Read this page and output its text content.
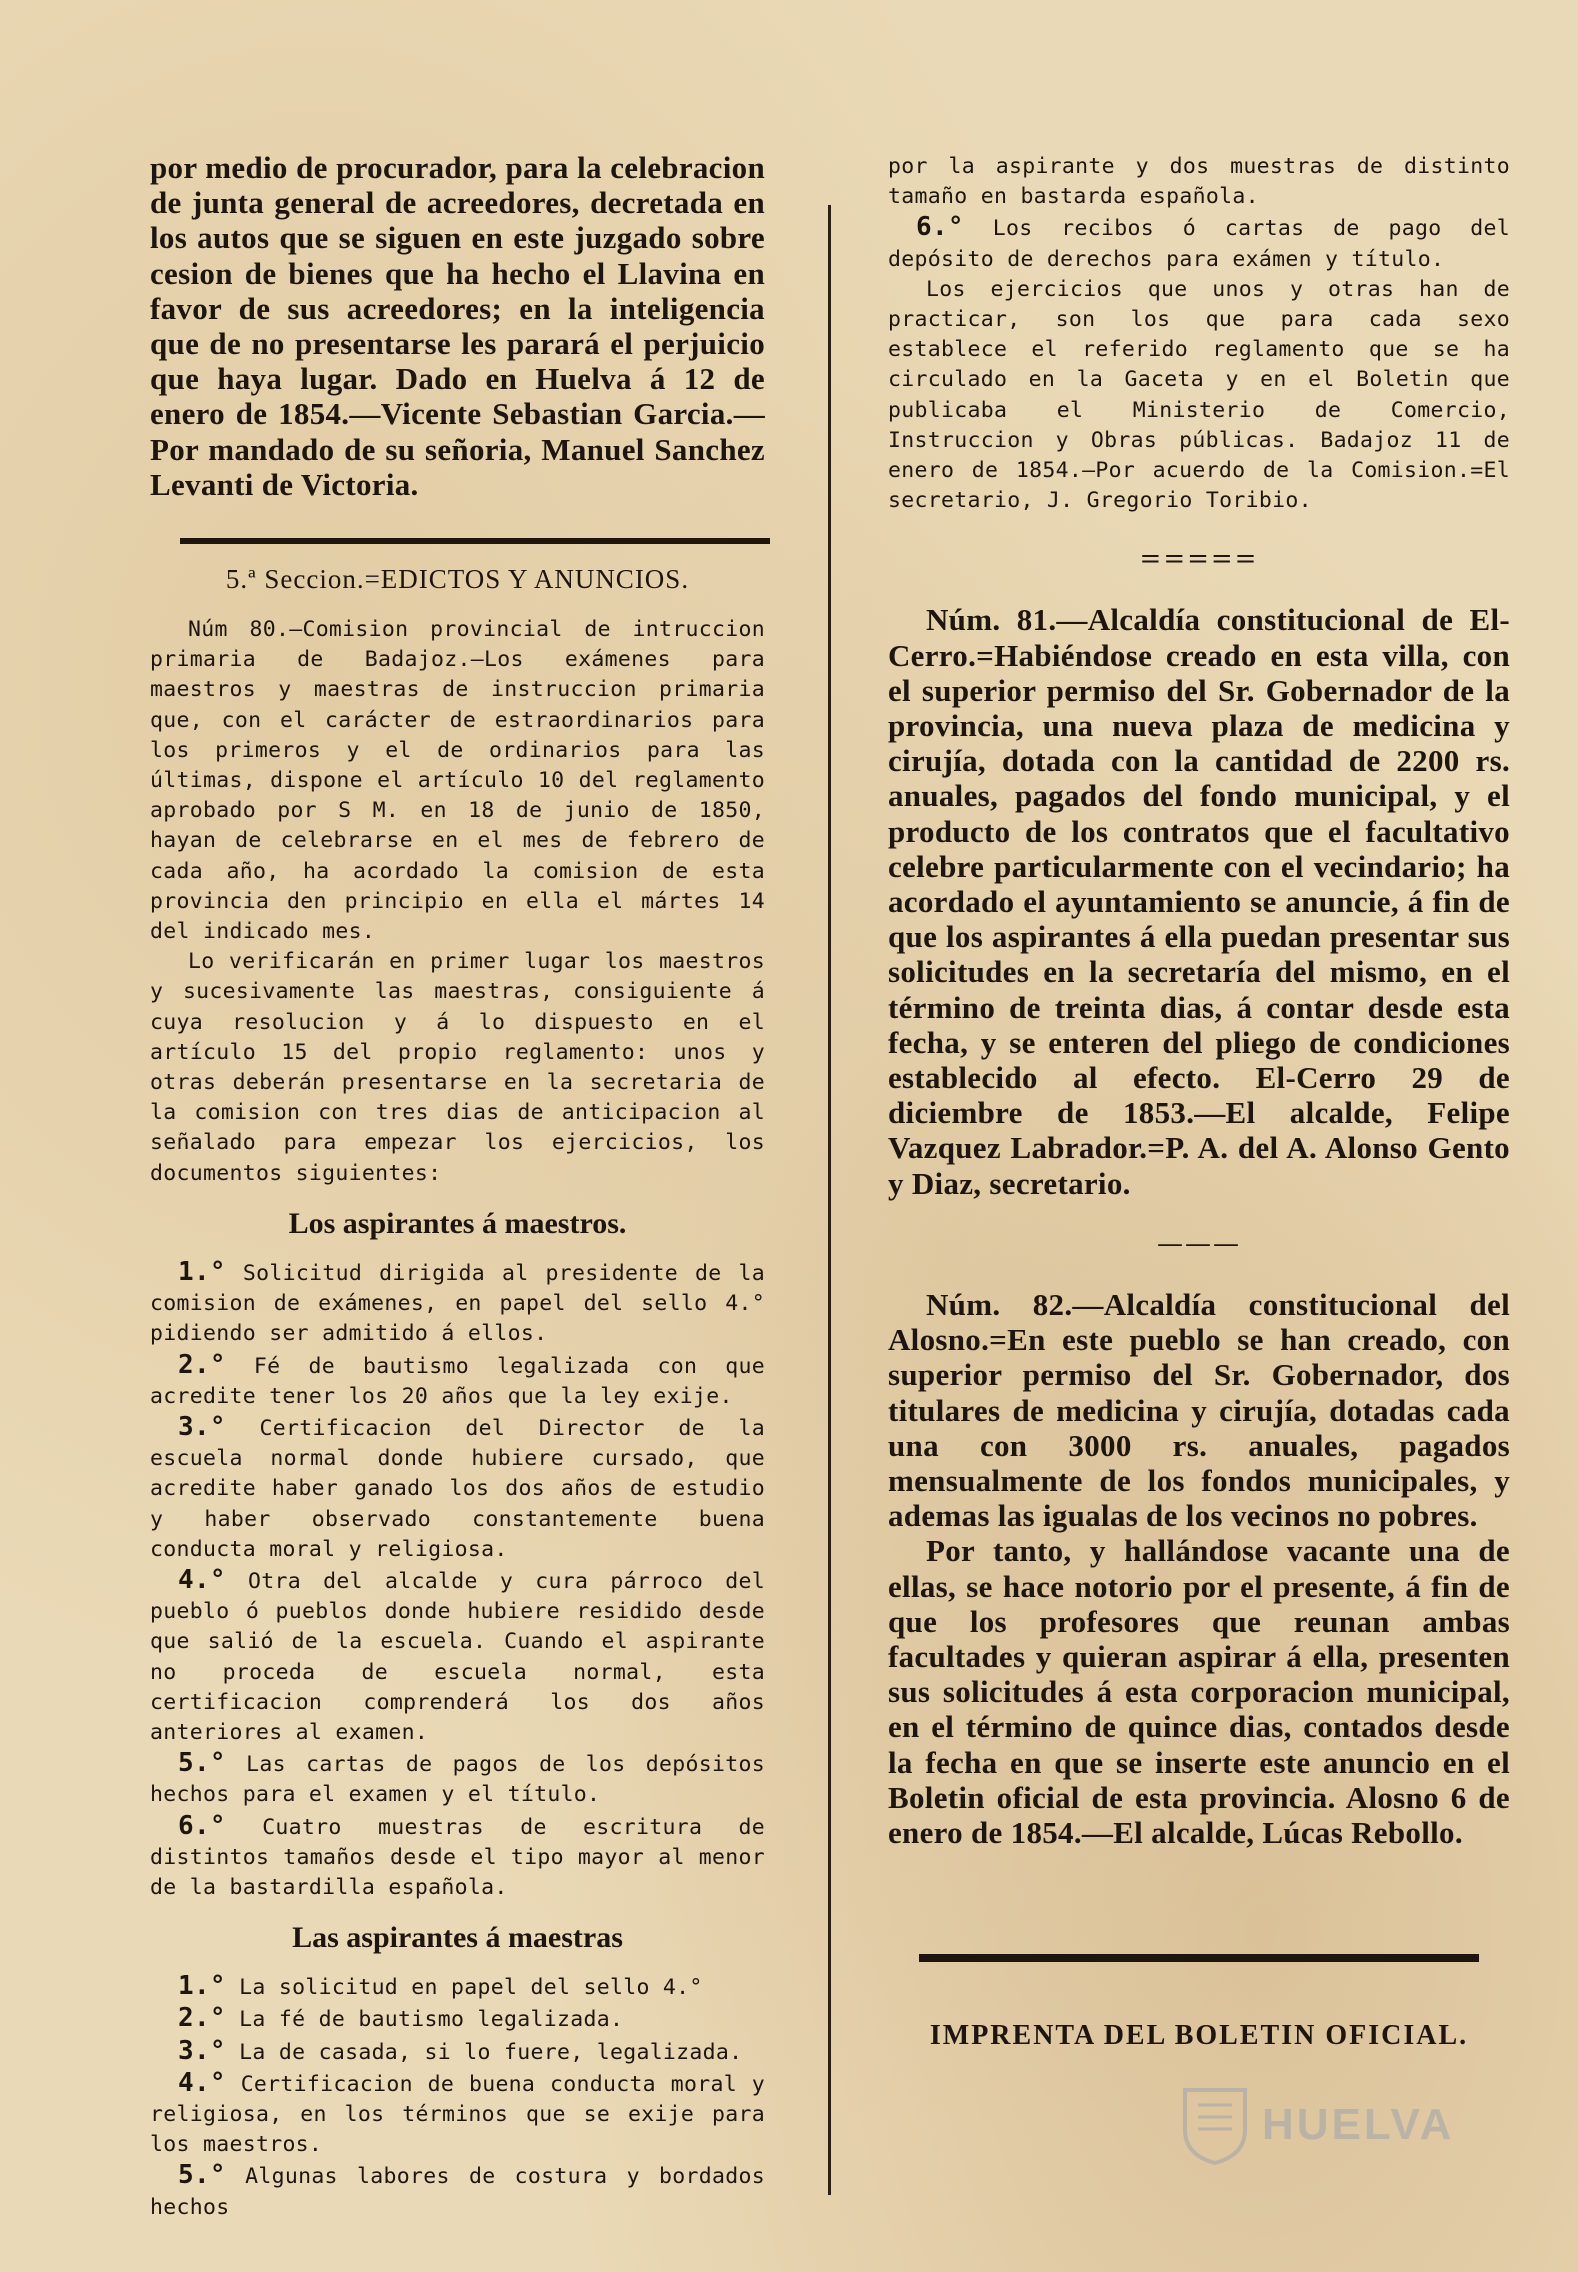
por medio de procurador, para la celebracion de junta general de acreedores, decretada en los autos que se siguen en este juzgado sobre cesion de bienes que ha hecho el Llavina en favor de sus acreedores; en la inteligencia que de no presentarse les parará el perjuicio que haya lugar. Dado en Huelva á 12 de enero de 1854.—Vicente Sebastian Garcia.—Por mandado de su señoria, Manuel Sanchez Levanti de Victoria.

5.ª Seccion.=EDICTOS Y ANUNCIOS.

Núm 80.—Comision provincial de intruccion primaria de Badajoz.—Los exámenes para maestros y maestras de instruccion primaria que, con el carácter de estraordinarios para los primeros y el de ordinarios para las últimas, dispone el artículo 10 del reglamento aprobado por S M. en 18 de junio de 1850, hayan de celebrarse en el mes de febrero de cada año, ha acordado la comision de esta provincia den principio en ella el mártes 14 del indicado mes.

Lo verificarán en primer lugar los maestros y sucesivamente las maestras, consiguiente á cuya resolucion y á lo dispuesto en el artículo 15 del propio reglamento: unos y otras deberán presentarse en la secretaria de la comision con tres dias de anticipacion al señalado para empezar los ejercicios, los documentos siguientes:

Los aspirantes á maestros.

1.° Solicitud dirigida al presidente de la comision de exámenes, en papel del sello 4.° pidiendo ser admitido á ellos.

2.° Fé de bautismo legalizada con que acredite tener los 20 años que la ley exije.

3.° Certificacion del Director de la escuela normal donde hubiere cursado, que acredite haber ganado los dos años de estudio y haber observado constantemente buena conducta moral y religiosa.

4.° Otra del alcalde y cura párroco del pueblo ó pueblos donde hubiere residido desde que salió de la escuela. Cuando el aspirante no proceda de escuela normal, esta certificacion comprenderá los dos años anteriores al examen.

5.° Las cartas de pagos de los depósitos hechos para el examen y el título.

6.° Cuatro muestras de escritura de distintos tamaños desde el tipo mayor al menor de la bastardilla española.

Las aspirantes á maestras

1.° La solicitud en papel del sello 4.°

2.° La fé de bautismo legalizada.

3.° La de casada, si lo fuere, legalizada.

4.° Certificacion de buena conducta moral y religiosa, en los términos que se exije para los maestros.

5.° Algunas labores de costura y bordados hechos

por la aspirante y dos muestras de distinto tamaño en bastarda española.

6.° Los recibos ó cartas de pago del depósito de derechos para exámen y título.

Los ejercicios que unos y otras han de practicar, son los que para cada sexo establece el referido reglamento que se ha circulado en la Gaceta y en el Boletin que publicaba el Ministerio de Comercio, Instruccion y Obras públicas. Badajoz 11 de enero de 1854.—Por acuerdo de la Comision.=El secretario, J. Gregorio Toribio.

=====

Núm. 81.—Alcaldía constitucional de El-Cerro.=Habiéndose creado en esta villa, con el superior permiso del Sr. Gobernador de la provincia, una nueva plaza de medicina y cirujía, dotada con la cantidad de 2200 rs. anuales, pagados del fondo municipal, y el producto de los contratos que el facultativo celebre particularmente con el vecindario; ha acordado el ayuntamiento se anuncie, á fin de que los aspirantes á ella puedan presentar sus solicitudes en la secretaría del mismo, en el término de treinta dias, á contar desde esta fecha, y se enteren del pliego de condiciones establecido al efecto. El-Cerro 29 de diciembre de 1853.—El alcalde, Felipe Vazquez Labrador.=P. A. del A. Alonso Gento y Diaz, secretario.

———

Núm. 82.—Alcaldía constitucional del Alosno.=En este pueblo se han creado, con superior permiso del Sr. Gobernador, dos titulares de medicina y cirujía, dotadas cada una con 3000 rs. anuales, pagados mensualmente de los fondos municipales, y ademas las igualas de los vecinos no pobres.

Por tanto, y hallándose vacante una de ellas, se hace notorio por el presente, á fin de que los profesores que reunan ambas facultades y quieran aspirar á ella, presenten sus solicitudes á esta corporacion municipal, en el término de quince dias, contados desde la fecha en que se inserte este anuncio en el Boletin oficial de esta provincia. Alosno 6 de enero de 1854.—El alcalde, Lúcas Rebollo.

IMPRENTA DEL BOLETIN OFICIAL.
HUELVA
